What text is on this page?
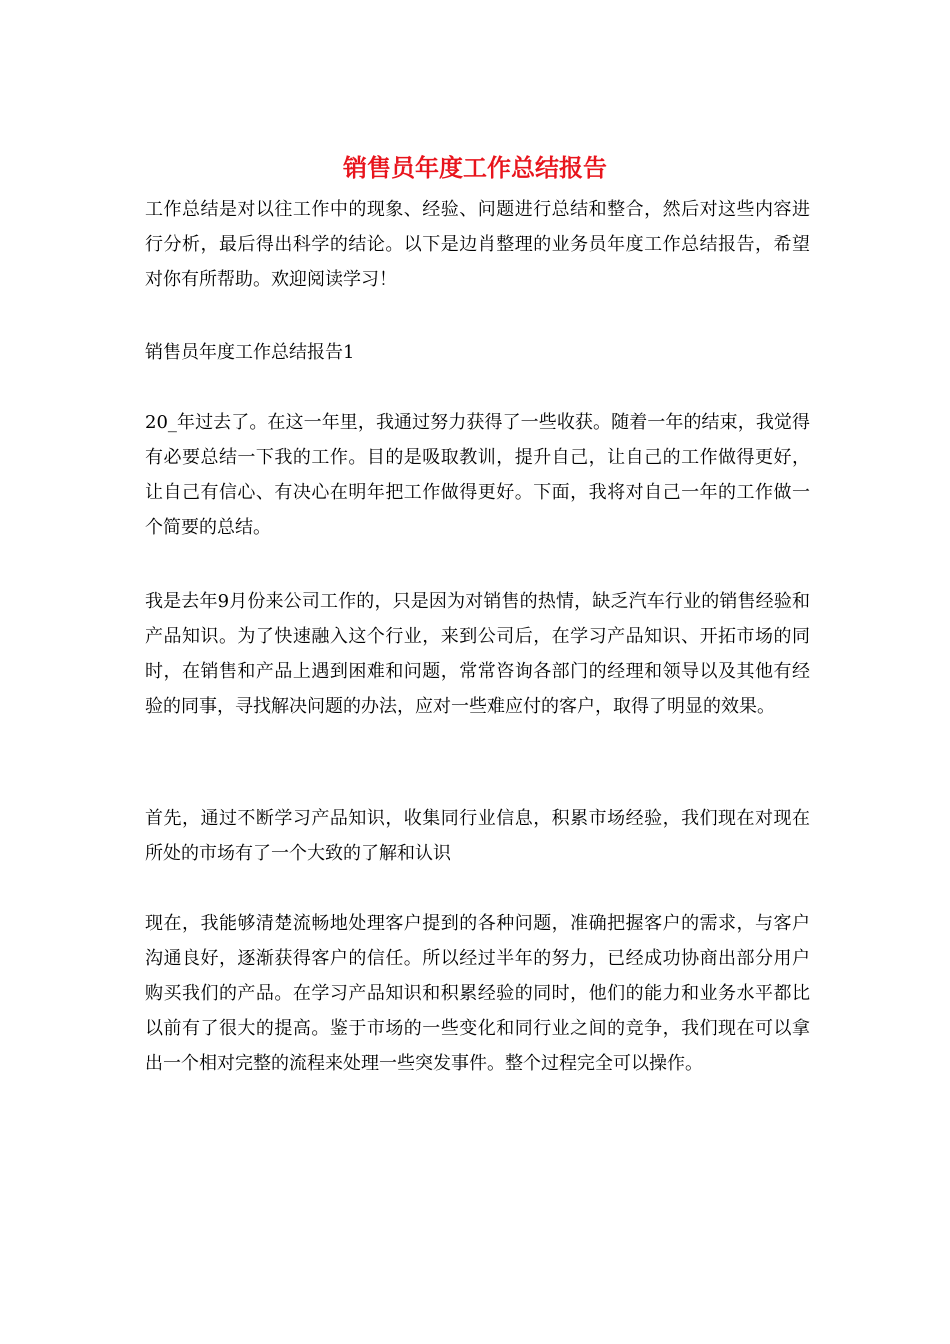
销售员年度工作总结报告

工作总结是对以往工作中的现象、经验、问题进行总结和整合，然后对这些内容进行分析，最后得出科学的结论。以下是边肖整理的业务员年度工作总结报告，希望对你有所帮助。欢迎阅读学习！

销售员年度工作总结报告1

20_年过去了。在这一年里，我通过努力获得了一些收获。随着一年的结束，我觉得有必要总结一下我的工作。目的是吸取教训，提升自己，让自己的工作做得更好，让自己有信心、有决心在明年把工作做得更好。下面，我将对自己一年的工作做一个简要的总结。

我是去年9月份来公司工作的，只是因为对销售的热情，缺乏汽车行业的销售经验和产品知识。为了快速融入这个行业，来到公司后，在学习产品知识、开拓市场的同时，在销售和产品上遇到困难和问题，常常咨询各部门的经理和领导以及其他有经验的同事，寻找解决问题的办法，应对一些难应付的客户，取得了明显的效果。

首先，通过不断学习产品知识，收集同行业信息，积累市场经验，我们现在对现在所处的市场有了一个大致的了解和认识

现在，我能够清楚流畅地处理客户提到的各种问题，准确把握客户的需求，与客户沟通良好，逐渐获得客户的信任。所以经过半年的努力，已经成功协商出部分用户购买我们的产品。在学习产品知识和积累经验的同时，他们的能力和业务水平都比以前有了很大的提高。鉴于市场的一些变化和同行业之间的竞争，我们现在可以拿出一个相对完整的流程来处理一些突发事件。整个过程完全可以操作。
